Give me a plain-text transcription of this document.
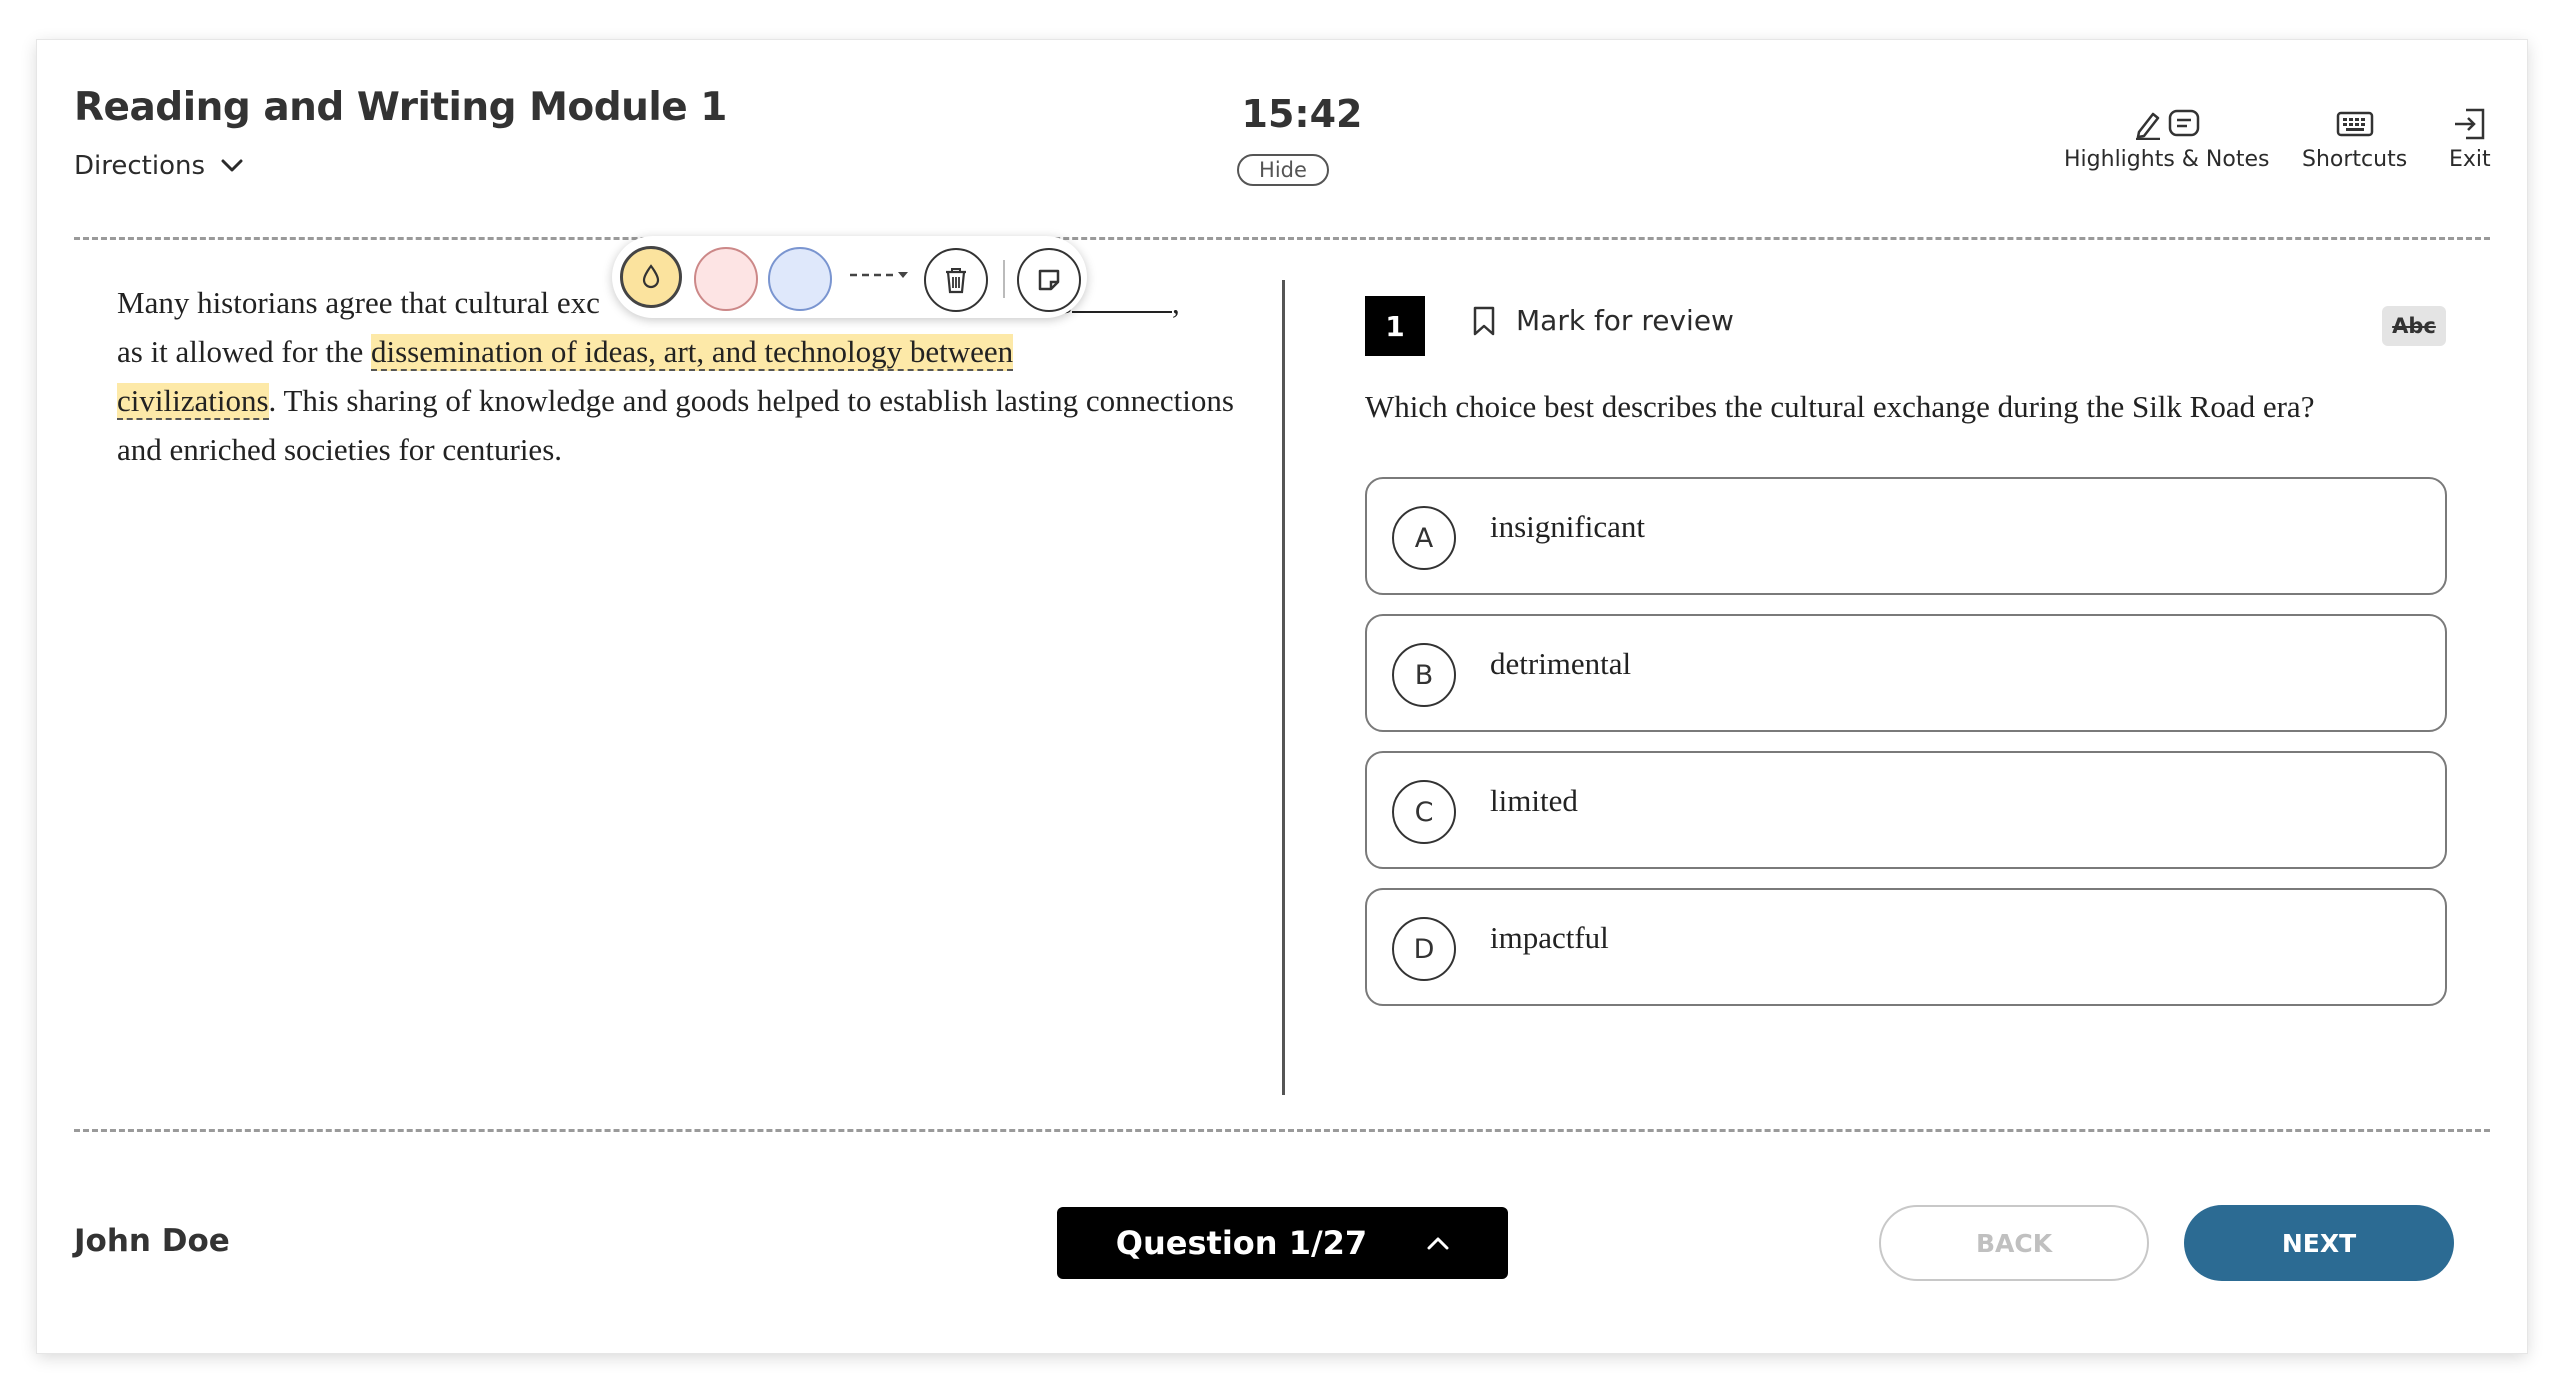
Reading and Writing Module 1
Directions
15:42
Hide	Highlights & Notes Shortcuts Exit
Many historians agree that cultural exc	,
as it allowed for the dissemination of ideas, art, and technology between
civilizations. This sharing of knowledge and goods helped to establish lasting connections and enriched societies for centuries.
1	Mark for review	Abc
Which choice best describes the cultural exchange during the Silk Road era?
A	insignificant
B	detrimental
C	limited
D	impactful
John Doe	Question 1/27	BACK	NEXT
